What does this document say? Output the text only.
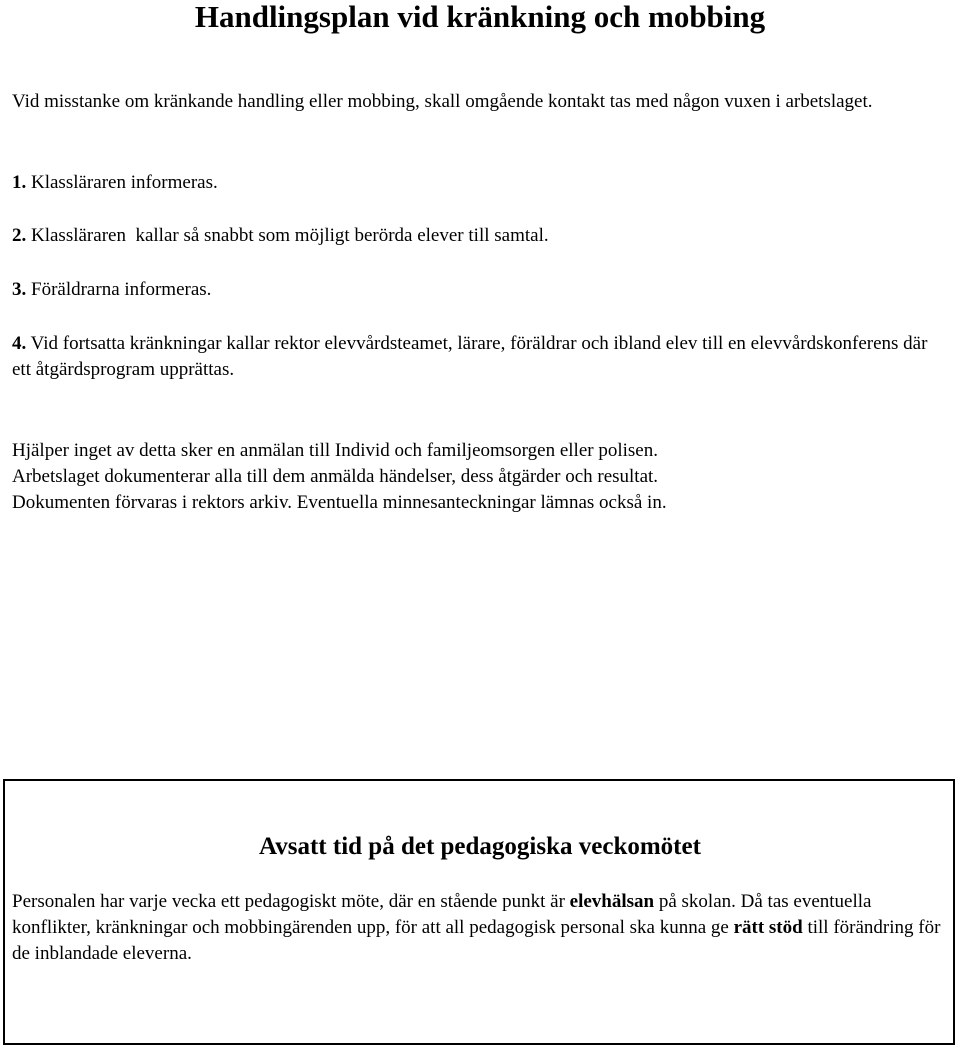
Handlingsplan vid kränkning och mobbing

Vid misstanke om kränkande handling eller mobbing, skall omgående kontakt tas med någon vuxen i arbetslaget.

1. Klassläraren informeras.

2. Klassläraren  kallar så snabbt som möjligt berörda elever till samtal.

3. Föräldrarna informeras.

4. Vid fortsatta kränkningar kallar rektor elevvårdsteamet, lärare, föräldrar och ibland elev till en elevvårdskonferens där ett åtgärdsprogram upprättas.

Hjälper inget av detta sker en anmälan till Individ och familjeomsorgen eller polisen.
Arbetslaget dokumenterar alla till dem anmälda händelser, dess åtgärder och resultat.
Dokumenten förvaras i rektors arkiv. Eventuella minnesanteckningar lämnas också in.
Avsatt tid på det pedagogiska veckomötet

Personalen har varje vecka ett pedagogiskt möte, där en stående punkt är elevhälsan på skolan. Då tas eventuella konflikter, kränkningar och mobbingärenden upp, för att all pedagogisk personal ska kunna ge rätt stöd till förändring för de inblandade eleverna.
